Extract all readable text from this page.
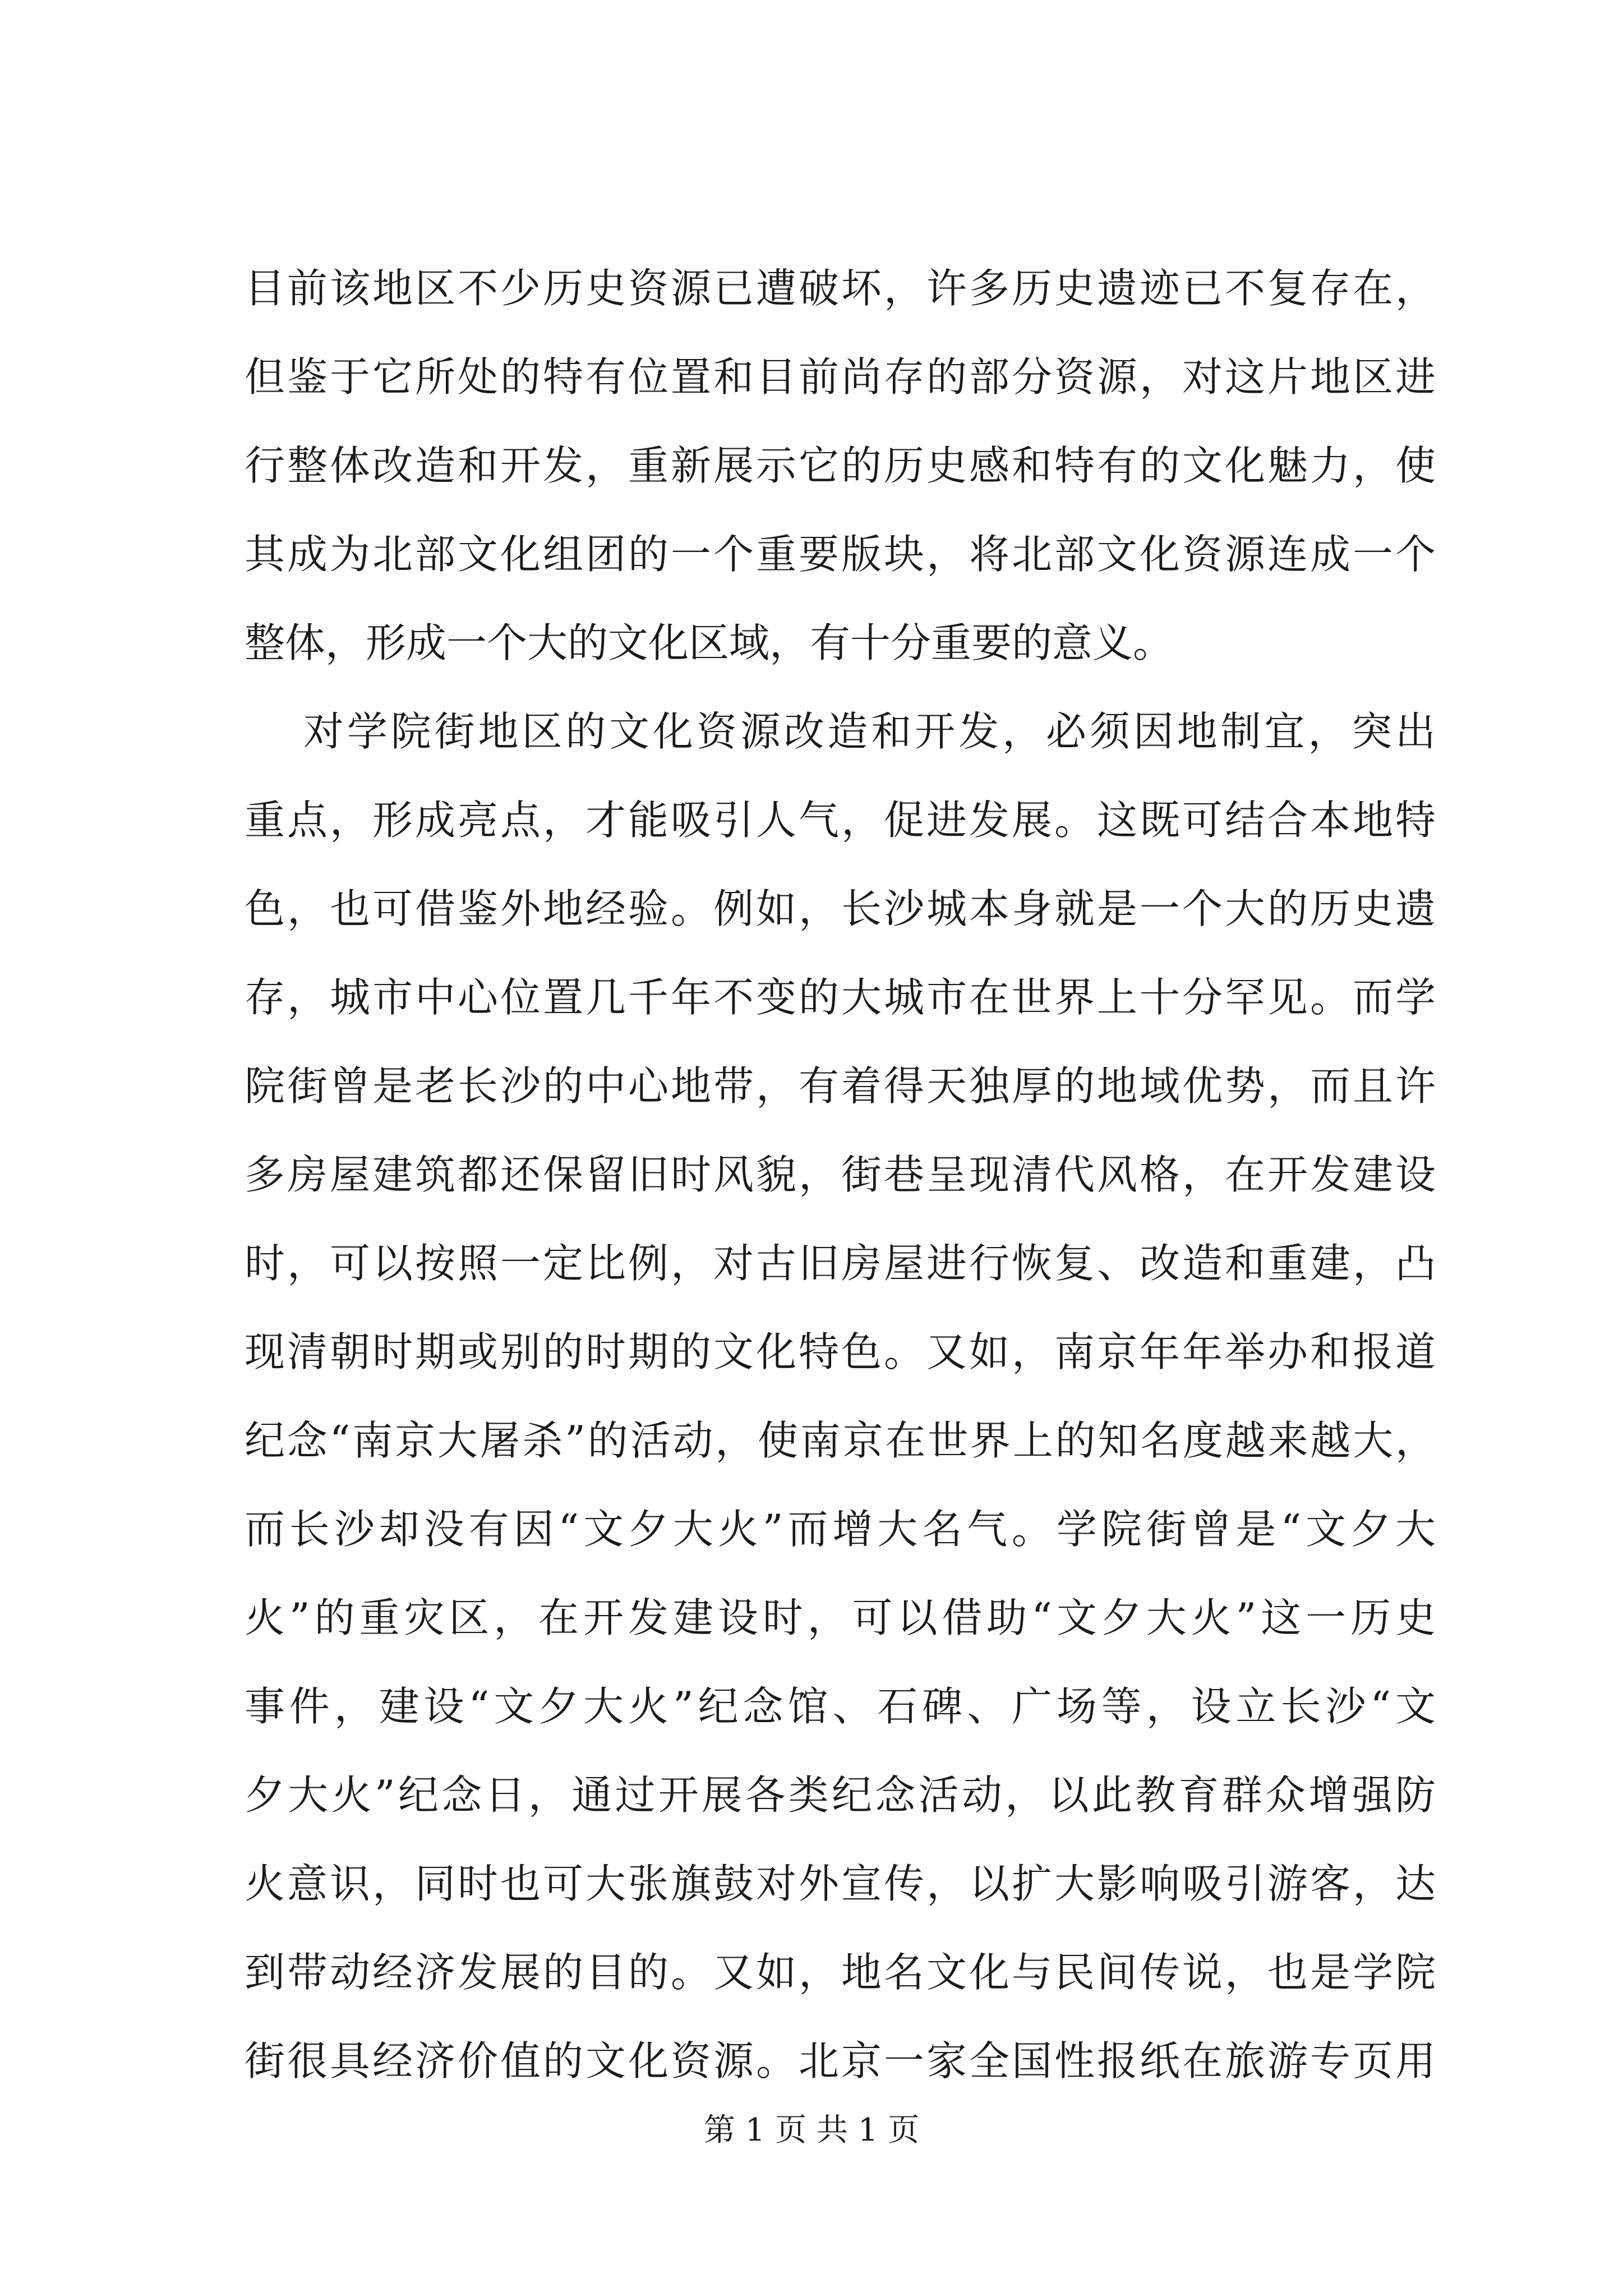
目前该地区不少历史资源已遭破坏，许多历史遗迹已不复存在，
但鉴于它所处的特有位置和目前尚存的部分资源，对这片地区进
行整体改造和开发，重新展示它的历史感和特有的文化魅力，使
其成为北部文化组团的一个重要版块，将北部文化资源连成一个
整体，形成一个大的文化区域，有十分重要的意义。
对学院街地区的文化资源改造和开发，必须因地制宜，突出
重点，形成亮点，才能吸引人气，促进发展。这既可结合本地特
色，也可借鉴外地经验。例如，长沙城本身就是一个大的历史遗
存，城市中心位置几千年不变的大城市在世界上十分罕见。而学
院街曾是老长沙的中心地带，有着得天独厚的地域优势，而且许
多房屋建筑都还保留旧时风貌，街巷呈现清代风格，在开发建设
时，可以按照一定比例，对古旧房屋进行恢复、改造和重建，凸
现清朝时期或别的时期的文化特色。又如，南京年年举办和报道
纪念“南京大屠杀”的活动，使南京在世界上的知名度越来越大，
而长沙却没有因“文夕大火”而增大名气。学院街曾是“文夕大
火”的重灾区，在开发建设时，可以借助“文夕大火”这一历史
事件，建设“文夕大火”纪念馆、石碑、广场等，设立长沙“文
夕大火”纪念日，通过开展各类纪念活动，以此教育群众增强防
火意识，同时也可大张旗鼓对外宣传，以扩大影响吸引游客，达
到带动经济发展的目的。又如，地名文化与民间传说，也是学院
街很具经济价值的文化资源。北京一家全国性报纸在旅游专页用
第 1 页 共 1 页
